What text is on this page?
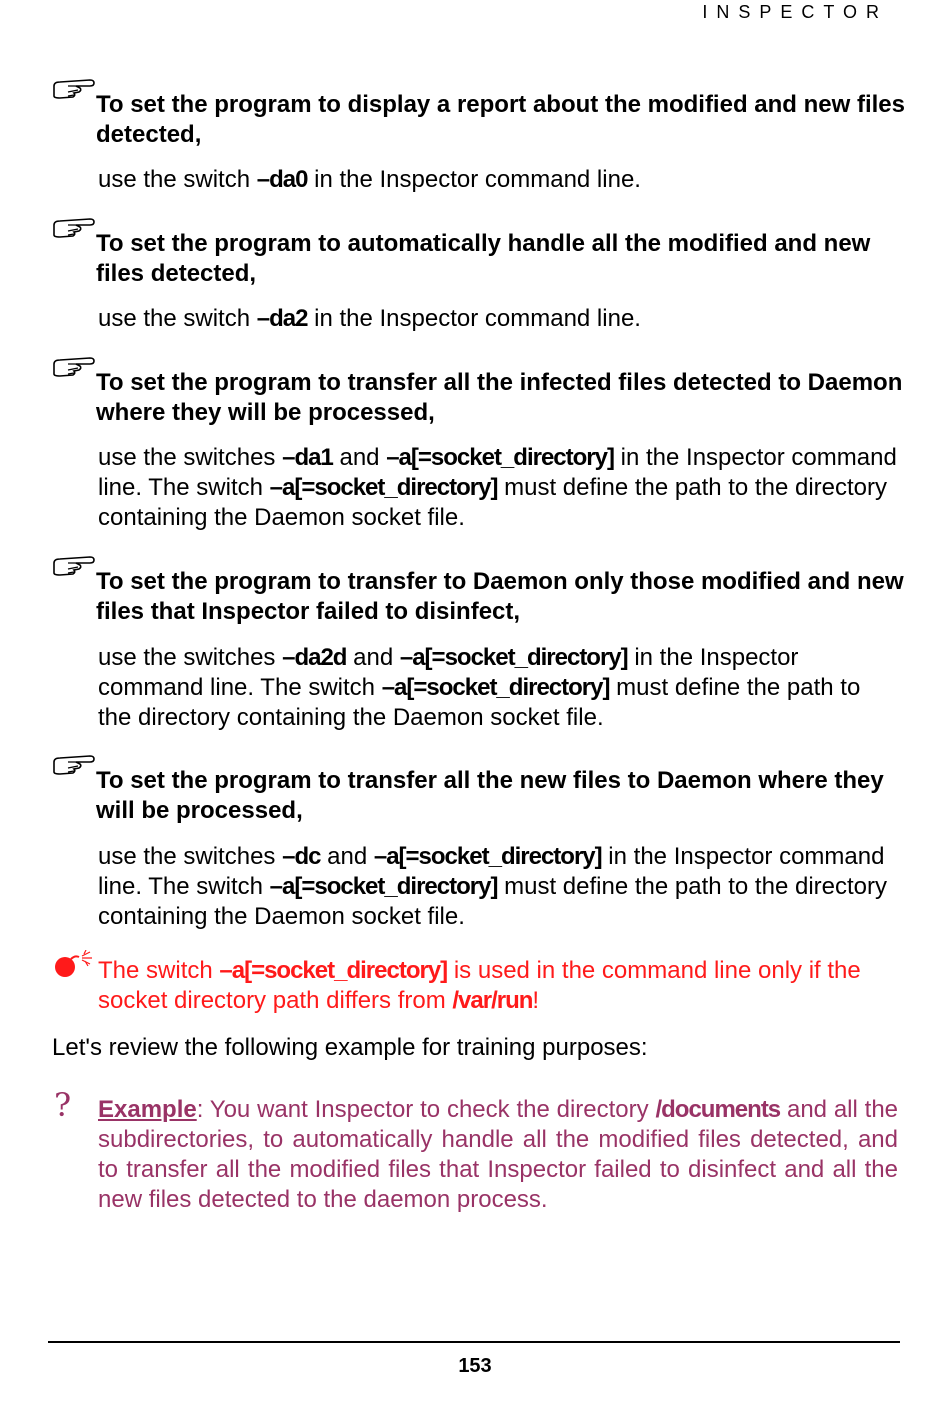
INSPECTOR

To set the program to display a report about the modified and new files detected,

use the switch –da0 in the Inspector command line.

To set the program to automatically handle all the modified and new files detected,

use the switch –da2 in the Inspector command line.

To set the program to transfer all the infected files detected to Daemon where they will be processed,

use the switches –da1 and –a[=socket_directory] in the Inspector command line. The switch –a[=socket_directory] must define the path to the directory containing the Daemon socket file.

To set the program to transfer to Daemon only those modified and new files that Inspector failed to disinfect,

use the switches –da2d and –a[=socket_directory] in the Inspector command line. The switch –a[=socket_directory] must define the path to the directory containing the Daemon socket file.

To set the program to transfer all the new files to Daemon where they will be processed,

use the switches –dc and –a[=socket_directory] in the Inspector command line. The switch –a[=socket_directory] must define the path to the directory containing the Daemon socket file.
The switch –a[=socket_directory] is used in the command line only if the socket directory path differs from /var/run!
Let's review the following example for training purposes:
? Example: You want Inspector to check the directory /documents and all the subdirectories, to automatically handle all the modified files detected, and to transfer all the modified files that Inspector failed to disinfect and all the new files detected to the daemon process.
153
